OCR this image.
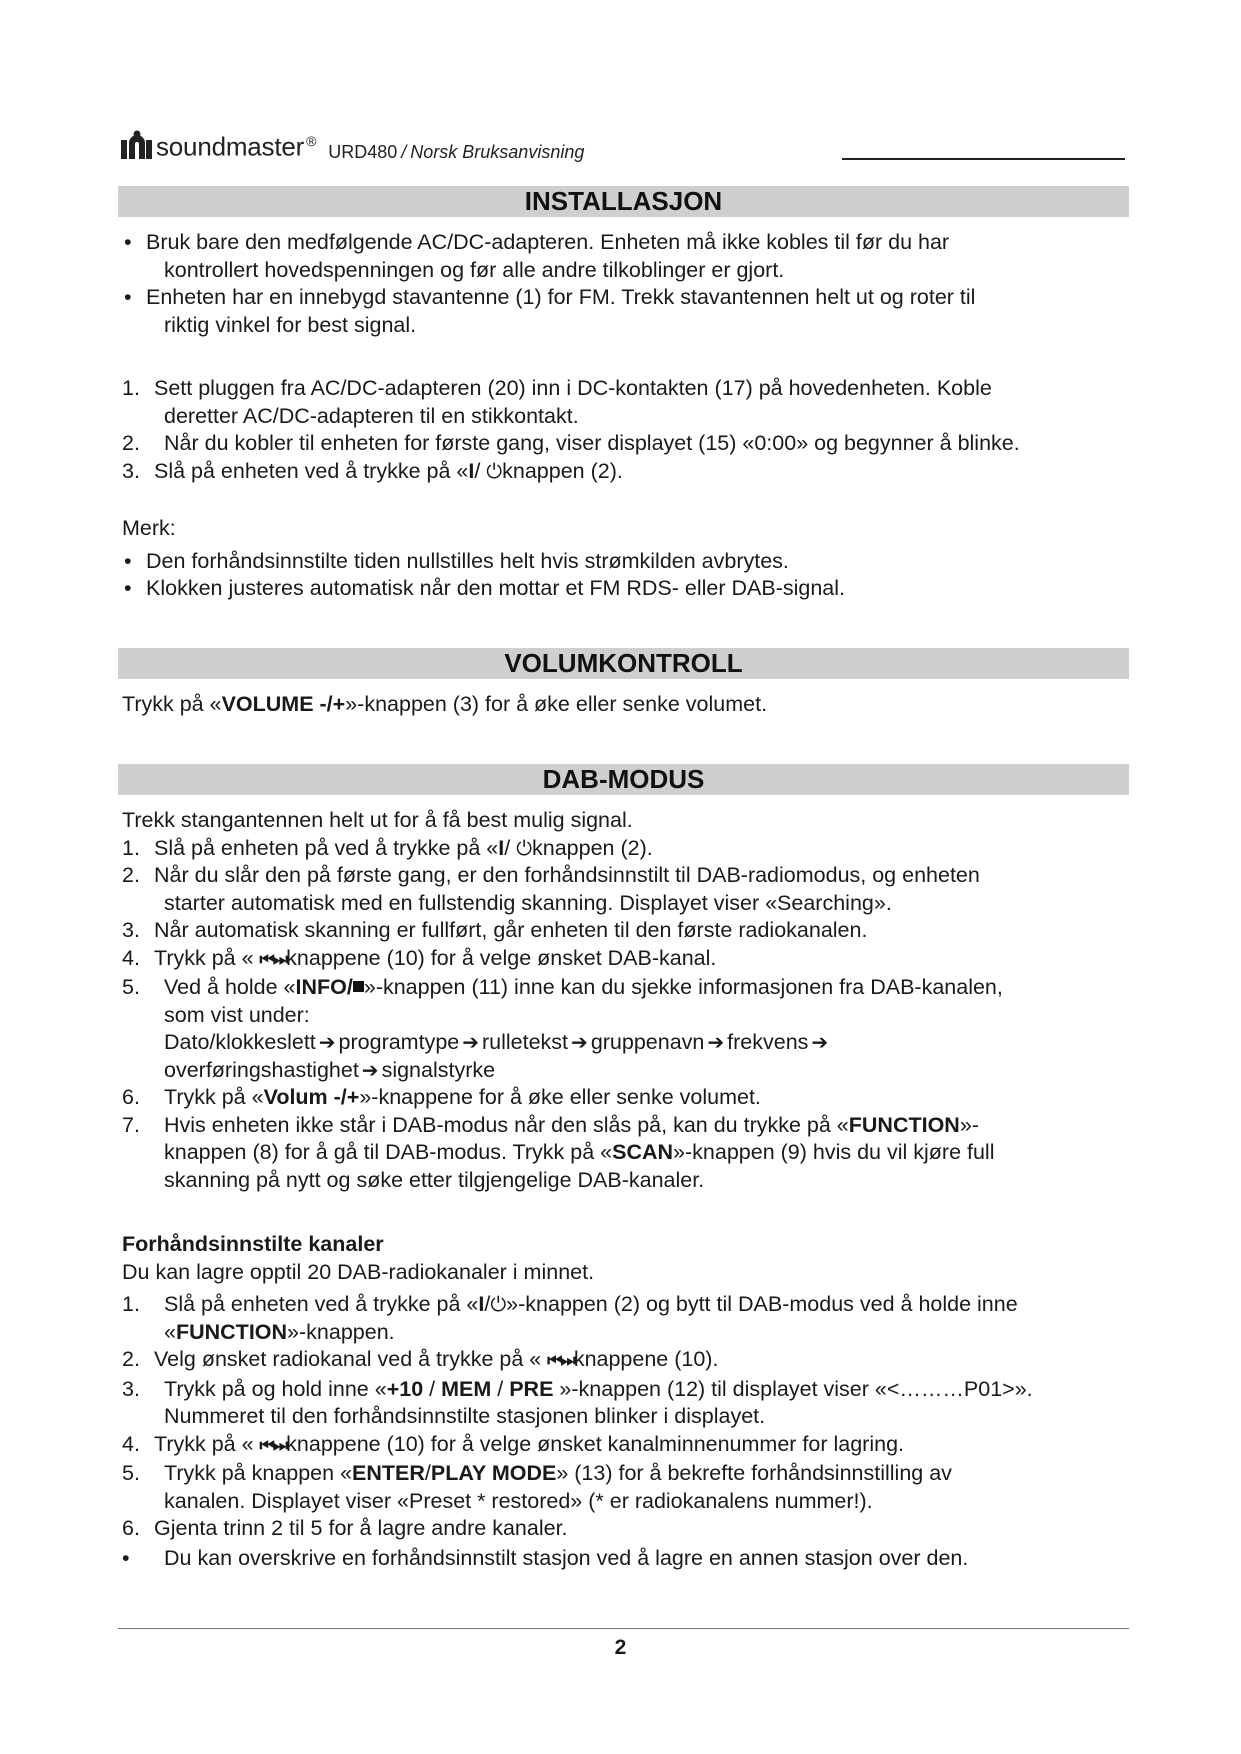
soundmaster ®
URD480 / Norsk Bruksanvisning
INSTALLASJON
• Bruk bare den medfølgende AC/DC-adapteren. Enheten må ikke kobles til før du har
kontrollert hovedspenningen og før alle andre tilkoblinger er gjort.
• Enheten har en innebygd stavantenne (1) for FM. Trekk stavantennen helt ut og roter til
riktig vinkel for best signal.
1. Sett pluggen fra AC/DC-adapteren (20) inn i DC-kontakten (17) på hovedenheten. Koble
deretter AC/DC-adapteren til en stikkontakt.
2. Når du kobler til enheten for første gang, viser displayet (15) «0:00» og begynner å blinke.
3. Slå på enheten ved å trykke på «I/ ⏻knappen (2).
Merk:
• Den forhåndsinnstilte tiden nullstilles helt hvis strømkilden avbrytes.
• Klokken justeres automatisk når den mottar et FM RDS- eller DAB-signal.
VOLUMKONTROLL
Trykk på «VOLUME -/+»-knappen (3) for å øke eller senke volumet.
DAB-MODUS
Trekk stangantennen helt ut for å få best mulig signal.
1. Slå på enheten på ved å trykke på «I/ ⏻knappen (2).
2. Når du slår den på første gang, er den forhåndsinnstilt til DAB-radiomodus, og enheten
starter automatisk med en fullstendig skanning. Displayet viser «Searching».
3. Når automatisk skanning er fullført, går enheten til den første radiokanalen.
4. Trykk på « ⏮⏭knappene (10) for å velge ønsket DAB-kanal.
5. Ved å holde «INFO/ »-knappen (11) inne kan du sjekke informasjonen fra DAB-kanalen,
som vist under:
Dato/klokkeslett ➔ programtype ➔ rulletekst ➔ gruppenavn ➔ frekvens ➔
overføringshastighet ➔ signalstyrke
6. Trykk på «Volum -/+»-knappene for å øke eller senke volumet.
7. Hvis enheten ikke står i DAB-modus når den slås på, kan du trykke på «FUNCTION»-
knappen (8) for å gå til DAB-modus. Trykk på «SCAN»-knappen (9) hvis du vil kjøre full
skanning på nytt og søke etter tilgjengelige DAB-kanaler.
Forhåndsinnstilte kanaler
Du kan lagre opptil 20 DAB-radiokanaler i minnet.
1. Slå på enheten ved å trykke på «I/⏻»-knappen (2) og bytt til DAB-modus ved å holde inne
«FUNCTION»-knappen.
2. Velg ønsket radiokanal ved å trykke på « ⏮⏭knappene (10).
3. Trykk på og hold inne «+10 / MEM / PRE »-knappen (12) til displayet viser «<………P01>».
Nummeret til den forhåndsinnstilte stasjonen blinker i displayet.
4. Trykk på « ⏮⏭knappene (10) for å velge ønsket kanalminnenummer for lagring.
5. Trykk på knappen «ENTER/PLAY MODE» (13) for å bekrefte forhåndsinnstilling av
kanalen. Displayet viser «Preset * restored» (* er radiokanalens nummer!).
6. Gjenta trinn 2 til 5 for å lagre andre kanaler.
• Du kan overskrive en forhåndsinnstilt stasjon ved å lagre en annen stasjon over den.
2
